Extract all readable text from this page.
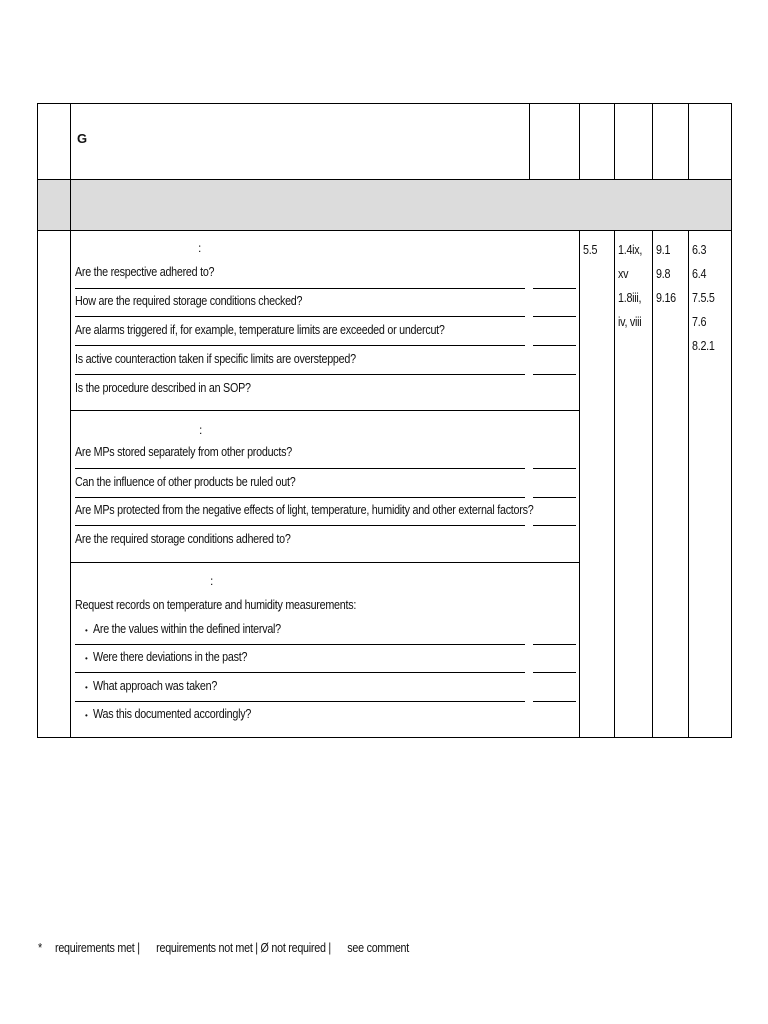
G
:
Are the respective adhered to?
How are the required storage conditions checked?
Are alarms triggered if, for example, temperature limits are exceeded or undercut?
Is active counteraction taken if specific limits are overstepped?
Is the procedure described in an SOP?
:
Are MPs stored separately from other products?
Can the influence of other products be ruled out?
Are MPs protected from the negative effects of light, temperature, humidity and other external factors?
Are the required storage conditions adhered to?
:
Request records on temperature and humidity measurements:
• Are the values within the defined interval?
• Were there deviations in the past?
• What approach was taken?
• Was this documented accordingly?
5.5 1.4ix,
xv
1.8iii,
iv, viii
9.1
9.8
9.16
6.3
6.4
7.5.5
7.6
8.2.1
* requirements met |      requirements not met | Ø not required |      see comment
